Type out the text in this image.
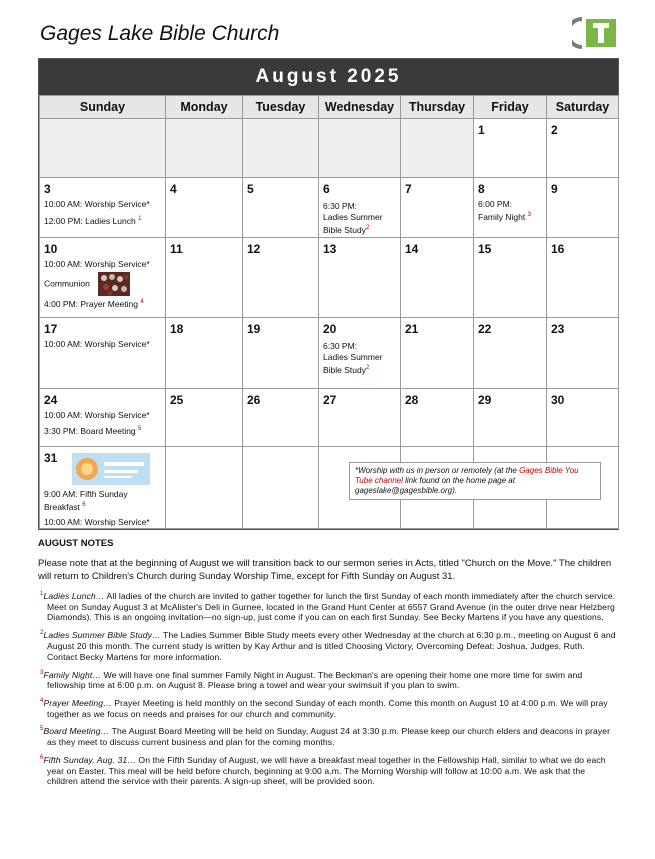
Gages Lake Bible Church
August 2025
Sunday	Monday	Tuesday	Wednesday	Thursday	Friday	Saturday

					1	2

3
10:00 AM: Worship Service*
12:00 PM: Ladies Lunch $^1$	4	5	6
6:30 PM:
Ladies Summer
Bible Study$^2$	7	8
6:00 PM:
Family Night $^3$	9

10
10:00 AM: Worship Service*
Communion
4:00 PM: Prayer Meeting $^4$	11	12	13	14	15	16

17
10:00 AM: Worship Service*	18	19	20
6:30 PM:
Ladies Summer
Bible Study$^2$	21	22	23

24
10:00 AM: Worship Service*
3:30 PM: Board Meeting $^5$	25	26	27	28	29	30

31
9:00 AM: Fifth Sunday
Breakfast $^6$
10:00 AM: Worship Service*						

*Worship with us in person or remotely (at the Gages Bible You Tube channel link found on the home page at gageslake@gagesbible.org).
AUGUST NOTES
Please note that at the beginning of August we will transition back to our sermon series in Acts, titled "Church on the Move." The children will return to Children's Church during Sunday Worship Time, except for Fifth Sunday on August 31.
$^1$Ladies Lunch… All ladies of the church are invited to gather together for lunch the first Sunday of each month immediately after the church service. Meet on Sunday August 3 at McAlister's Deli in Gurnee, located in the Grand Hunt Center at 6557 Grand Avenue (in the outer drive near Helzberg Diamonds). This is an ongoing invitation—no sign-up, just come if you can on each first Sunday. See Becky Martens if you have any questions.
$^2$Ladies Summer Bible Study… The Ladies Summer Bible Study meets every other Wednesday at the church at 6:30 p.m., meeting on August 6 and August 20 this month. The current study is written by Kay Arthur and is titled Choosing Victory, Overcoming Defeat: Joshua, Judges, Ruth. Contact Becky Martens for more information.
$^3$Family Night… We will have one final summer Family Night in August. The Beckman's are opening their home one more time for swim and fellowship time at 6:00 p.m. on August 8. Please bring a towel and wear your swimsuit if you plan to swim.
$^4$Prayer Meeting… Prayer Meeting is held monthly on the second Sunday of each month. Come this month on August 10 at 4:00 p.m. We will pray together as we focus on needs and praises for our church and community.
$^5$Board Meeting… The August Board Meeting will be held on Sunday, August 24 at 3:30 p.m. Please keep our church elders and deacons in prayer as they meet to discuss current business and plan for the coming months.
$^6$Fifth Sunday, Aug. 31… On the Fifth Sunday of August, we will have a breakfast meal together in the Fellowship Hall, similar to what we do each year on Easter. This meal will be held before church, beginning at 9:00 a.m. The Morning Worship will follow at 10:00 a.m. We ask that the children attend the service with their parents. A sign-up sheet, will be provided soon.
